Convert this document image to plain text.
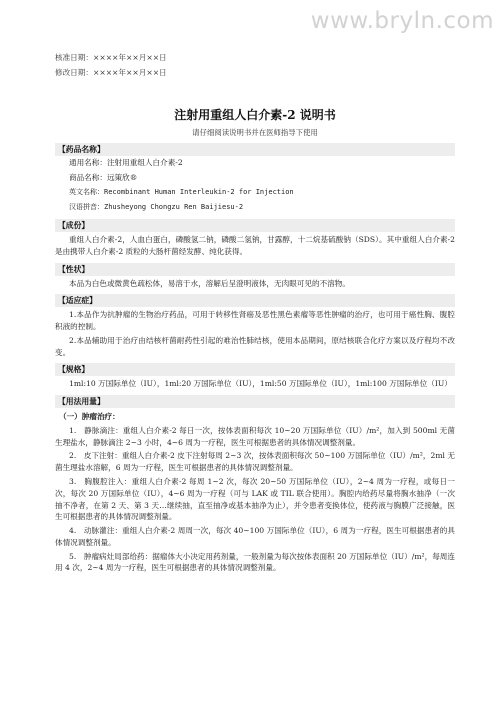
www.bryln.com
核准日期：××××年××月××日
修改日期：××××年××月××日
注射用重组人白介素-2 说明书
请仔细阅读说明书并在医师指导下使用
【药品名称】
通用名称：注射用重组人白介素-2
商品名称：远策欣®
英文名称：Recombinant Human Interleukin-2 for Injection
汉语拼音：Zhusheyong Chongzu Ren Baijiesu-2
【成份】
重组人白介素-2，人血白蛋白，磷酸氢二钠，磷酸二氢钠，甘露醇，十二烷基硫酸钠（SDS）。其中重组人白介素-2 是由携带人白介素-2 质粒的大肠杆菌经发酵、纯化获得。
【性状】
本品为白色或微黄色疏松体，易溶于水，溶解后呈澄明液体，无肉眼可见的不溶物。
【适应症】
1.本品作为抗肿瘤的生物治疗药品，可用于转移性肾癌及恶性黑色素瘤等恶性肿瘤的治疗，也可用于癌性胸、腹腔积液的控制。
2.本品辅助用于治疗由结核杆菌耐药性引起的难治性肺结核，使用本品期间，原结核联合化疗方案以及疗程均不改变。
【规格】
1ml:10 万国际单位（IU），1ml:20 万国际单位（IU），1ml:50 万国际单位（IU），1ml:100 万国际单位（IU）
【用法用量】
（一）肿瘤治疗：
1.　静脉滴注：重组人白介素-2 每日一次，按体表面积每次 10~20 万国际单位（IU）/m²，加入到 500ml 无菌生理盐水，静脉滴注 2~3 小时，4~6 周为一疗程，医生可根据患者的具体情况调整剂量。
2.　皮下注射：重组人白介素-2 皮下注射每周 2~3 次，按体表面积每次 50~100 万国际单位（IU）/m²，2ml 无菌生理盐水溶解，6 周为一疗程，医生可根据患者的具体情况调整剂量。
3.　胸腹腔注入：重组人白介素-2 每周 1~2 次，每次 20~50 万国际单位（IU），2~4 周为一疗程，或每日一次，每次 20 万国际单位（IU），4~6 周为一疗程（可与 LAK 或 TIL 联合使用）。胸腔内给药尽量将胸水抽净（一次抽不净者，在第 2 天、第 3 天…继续抽，直至抽净或基本抽净为止），并令患者变换体位，使药液与胸膜广泛接触，医生可根据患者的具体情况调整剂量。
4.　动脉灌注：重组人白介素-2 周周一次，每次 40~100 万国际单位（IU），6 周为一疗程，医生可根据患者的具体情况调整剂量。
5.　肿瘤病灶局部给药：据瘤体大小决定用药剂量，一般剂量为每次按体表面积 20 万国际单位（IU）/m²，每周连用 4 次，2~4 周为一疗程，医生可根据患者的具体情况调整剂量。
